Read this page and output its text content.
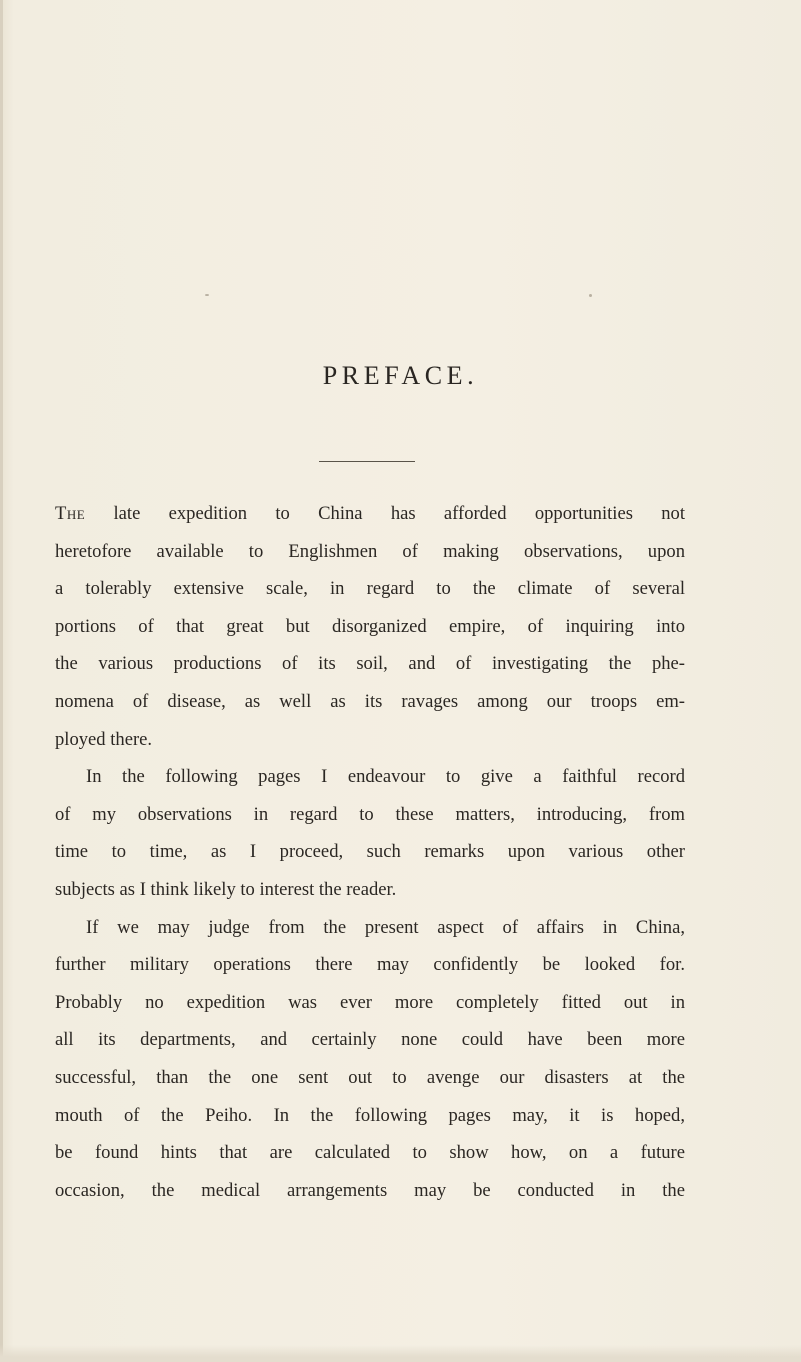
PREFACE.
The late expedition to China has afforded opportunities not
heretofore available to Englishmen of making observations, upon
a tolerably extensive scale, in regard to the climate of several
portions of that great but disorganized empire, of inquiring into
the various productions of its soil, and of investigating the phe-
nomena of disease, as well as its ravages among our troops em-
ployed there.
In the following pages I endeavour to give a faithful record
of my observations in regard to these matters, introducing, from
time to time, as I proceed, such remarks upon various other
subjects as I think likely to interest the reader.
If we may judge from the present aspect of affairs in China,
further military operations there may confidently be looked for.
Probably no expedition was ever more completely fitted out in
all its departments, and certainly none could have been more
successful, than the one sent out to avenge our disasters at the
mouth of the Peiho. In the following pages may, it is hoped,
be found hints that are calculated to show how, on a future
occasion, the medical arrangements may be conducted in the
